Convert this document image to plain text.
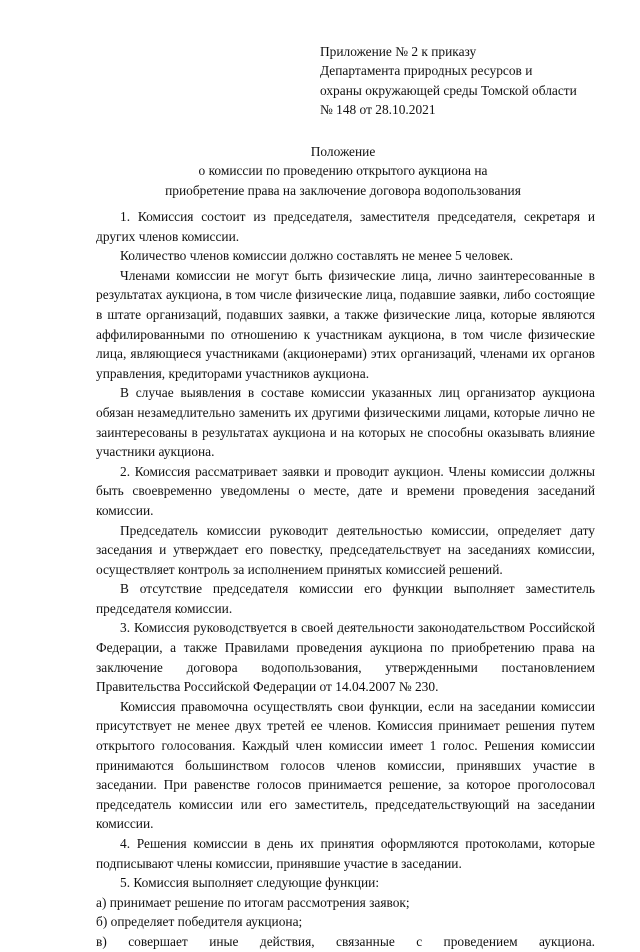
Приложение № 2 к приказу
Департамента природных ресурсов и
охраны окружающей среды Томской области
№ 148 от 28.10.2021
Положение
о комиссии по проведению открытого аукциона на
приобретение права на заключение договора водопользования

1. Комиссия состоит из председателя, заместителя председателя, секретаря и других членов комиссии.

Количество членов комиссии должно составлять не менее 5 человек.

Членами комиссии не могут быть физические лица, лично заинтересованные в результатах аукциона, в том числе физические лица, подавшие заявки, либо состоящие в штате организаций, подавших заявки, а также физические лица, которые являются аффилированными по отношению к участникам аукциона, в том числе физические лица, являющиеся участниками (акционерами) этих организаций, членами их органов управления, кредиторами участников аукциона.

В случае выявления в составе комиссии указанных лиц организатор аукциона обязан незамедлительно заменить их другими физическими лицами, которые лично не заинтересованы в результатах аукциона и на которых не способны оказывать влияние участники аукциона.

2. Комиссия рассматривает заявки и проводит аукцион. Члены комиссии должны быть своевременно уведомлены о месте, дате и времени проведения заседаний комиссии.

Председатель комиссии руководит деятельностью комиссии, определяет дату заседания и утверждает его повестку, председательствует на заседаниях комиссии, осуществляет контроль за исполнением принятых комиссией решений.

В отсутствие председателя комиссии его функции выполняет заместитель председателя комиссии.

3. Комиссия руководствуется в своей деятельности законодательством Российской Федерации, а также Правилами проведения аукциона по приобретению права на заключение договора водопользования, утвержденными постановлением Правительства Российской Федерации от 14.04.2007 № 230.

Комиссия правомочна осуществлять свои функции, если на заседании комиссии присутствует не менее двух третей ее членов. Комиссия принимает решения путем открытого голосования. Каждый член комиссии имеет 1 голос. Решения комиссии принимаются большинством голосов членов комиссии, принявших участие в заседании. При равенстве голосов принимается решение, за которое проголосовал председатель комиссии или его заместитель, председательствующий на заседании комиссии.

4. Решения комиссии в день их принятия оформляются протоколами, которые подписывают члены комиссии, принявшие участие в заседании.

5. Комиссия выполняет следующие функции:

а) принимает решение по итогам рассмотрения заявок;

б) определяет победителя аукциона;

в) совершает иные действия, связанные с проведением аукциона.
